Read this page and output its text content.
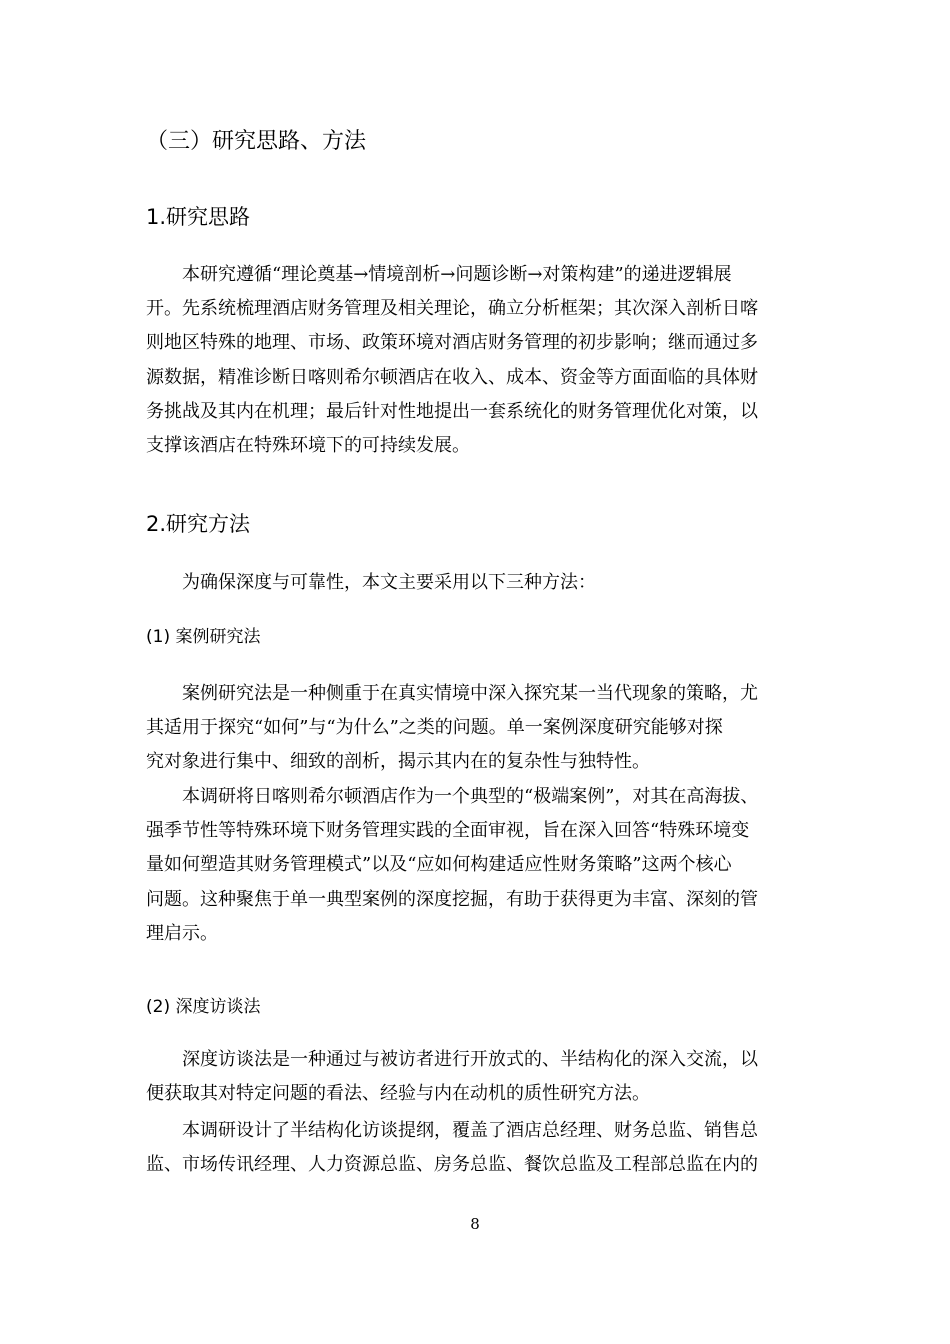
（三）研究思路、方法
1.研究思路
本研究遵循“理论奠基→情境剖析→问题诊断→对策构建”的递进逻辑展
开。先系统梳理酒店财务管理及相关理论，确立分析框架；其次深入剖析日喀
则地区特殊的地理、市场、政策环境对酒店财务管理的初步影响；继而通过多
源数据，精准诊断日喀则希尔顿酒店在收入、成本、资金等方面面临的具体财
务挑战及其内在机理；最后针对性地提出一套系统化的财务管理优化对策，以
支撑该酒店在特殊环境下的可持续发展。
2.研究方法
为确保深度与可靠性，本文主要采用以下三种方法：
(1) 案例研究法
案例研究法是一种侧重于在真实情境中深入探究某一当代现象的策略，尤
其适用于探究“如何”与“为什么”之类的问题。单一案例深度研究能够对探
究对象进行集中、细致的剖析，揭示其内在的复杂性与独特性。
本调研将日喀则希尔顿酒店作为一个典型的“极端案例”，对其在高海拔、
强季节性等特殊环境下财务管理实践的全面审视，旨在深入回答“特殊环境变
量如何塑造其财务管理模式”以及“应如何构建适应性财务策略”这两个核心
问题。这种聚焦于单一典型案例的深度挖掘，有助于获得更为丰富、深刻的管
理启示。
(2) 深度访谈法
深度访谈法是一种通过与被访者进行开放式的、半结构化的深入交流，以
便获取其对特定问题的看法、经验与内在动机的质性研究方法。
本调研设计了半结构化访谈提纲，覆盖了酒店总经理、财务总监、销售总
监、市场传讯经理、人力资源总监、房务总监、餐饮总监及工程部总监在内的
8
